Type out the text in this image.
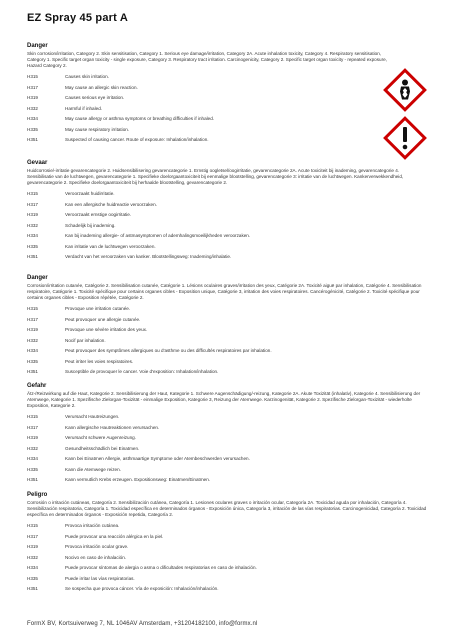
EZ Spray 45 part A
Danger
Skin corrosion/irritation, Category 2. Skin sensitisation, Category 1. Serious eye damage/irritation, Category 2A. Acute inhalation toxicity, Category 4. Respiratory sensitisation, Category 1. Specific target organ toxicity - single exposure, Category 3. Respiratory tract irritation. Carcinogenicity, Category 2. Specific target organ toxicity - repeated exposure, Hazard Category 2.
H315	Causes skin irritation.
H317	May cause an allergic skin reaction.
H319	Causes serious eye irritation.
H332	Harmful if inhaled.
H334	May cause allergy or asthma symptoms or breathing difficulties if inhaled.
H335	May cause respiratory irritation.
H351	Suspected of causing cancer. Route of exposure: Inhalation/inhalation.
Gevaar
Huidcorrosie/-irritatie gevarencategorie 2. Huidsensibilisering gevarencategorie 1. Ernstig oogletsel/oogirritatie, gevarencategorie 2A. Acute toxiciteit bij inademing, gevarencategorie 4. Sensibilisatie van de luchtwegen, gevarencategorie 1. Specifieke doelorgaantoxiciteit bij eenmalige blootstelling, gevarencategorie 3: irritatie van de luchtwegen. Kankerverwekkendheid, gevarencategorie 2. Specifieke doelorgaantoxiciteit bij herhaalde blootstelling, gevarencategorie 2.
H315	Veroorzaakt huidirritatie.
H317	Kan een allergische huidreactie veroorzaken.
H319	Veroorzaakt ernstige oogirritatie.
H332	Schadelijk bij inademing.
H334	Kan bij inademing allergie- of astmasymptomen of ademhalingsmoeilijkheden veroorzaken.
H335	Kan irritatie van de luchtwegen veroorzaken.
H351	Verdacht van het veroorzaken van kanker. Blootstellingsweg: Inademing/inhalatie.
Danger
Corrosion/irritation cutanée, Catégorie 2. Sensibilisation cutanée, Catégorie 1. Lésions oculaires graves/irritation des yeux, Catégorie 2A. Toxicité aiguë par inhalation, Catégorie 4. Sensibilisation respiratoire, Catégorie 1. Toxicité spécifique pour certains organes cibles - Exposition unique, Catégorie 3, irritation des voies respiratoires. Cancérogénicité, Catégorie 2. Toxicité spécifique pour certains organes cibles - Exposition répétée, Catégorie 2.
H315	Provoque une irritation cutanée.
H317	Peut provoquer une allergie cutanée.
H319	Provoque une sévère irritation des yeux.
H332	Nocif par inhalation.
H334	Peut provoquer des symptômes allergiques ou d'asthme ou des difficultés respiratoires par inhalation.
H335	Peut irriter les voies respiratoires.
H351	Susceptible de provoquer le cancer. Voie d'exposition: Inhalation/inhalation.
Gefahr
Ätz-/Reizwirkung auf die Haut, Kategorie 2. Sensibilisierung der Haut, Kategorie 1. Schwere Augenschädigung/-reizung, Kategorie 2A. Akute Toxizität (inhalativ), Kategorie 4. Sensibilisierung der Atemwege, Kategorie 1. Spezifische Zielorgan-Toxizität - einmalige Exposition, Kategorie 3, Reizung der Atemwege. Karzinogenität, Kategorie 2. Spezifische Zielorgan-Toxizität - wiederholte Exposition, Kategorie 2.
H315	Verursacht Hautreizungen.
H317	Kann allergische Hautreaktionen verursachen.
H319	Verursacht schwere Augenreizung.
H332	Gesundheitsschädlich bei Einatmen.
H334	Kann bei Einatmen Allergie, asthmaartige Symptome oder Atembeschwerden verursachen.
H335	Kann die Atemwege reizen.
H351	Kann vermutlich Krebs erzeugen. Expositionsweg: Einatmen/Einatmen.
Peligro
Corrosión o irritación cutáneas, Categoría 2. Sensibilización cutánea, Categoría 1. Lesiones oculares graves o irritación ocular, Categoría 2A. Toxicidad aguda por inhalación, Categoría 4. Sensibilización respiratoria, Categoría 1. Toxicidad específica en determinados órganos - Exposición única, Categoría 3, irritación de las vías respiratorias. Carcinogenicidad, Categoría 2. Toxicidad específica en determinados órganos - Exposición repetida, Categoría 2.
H315	Provoca irritación cutánea.
H317	Puede provocar una reacción alérgica en la piel.
H319	Provoca irritación ocular grave.
H332	Nocivo en caso de inhalación.
H334	Puede provocar síntomas de alergia o asma o dificultades respiratorias en caso de inhalación.
H335	Puede irritar las vías respiratorias.
H351	Se sospecha que provoca cáncer. Vía de exposición: Inhalación/inhalación.
FormX BV, Kortsuiverweg 7, NL 1046AV Amsterdam, +31204182100, info@formx.nl
